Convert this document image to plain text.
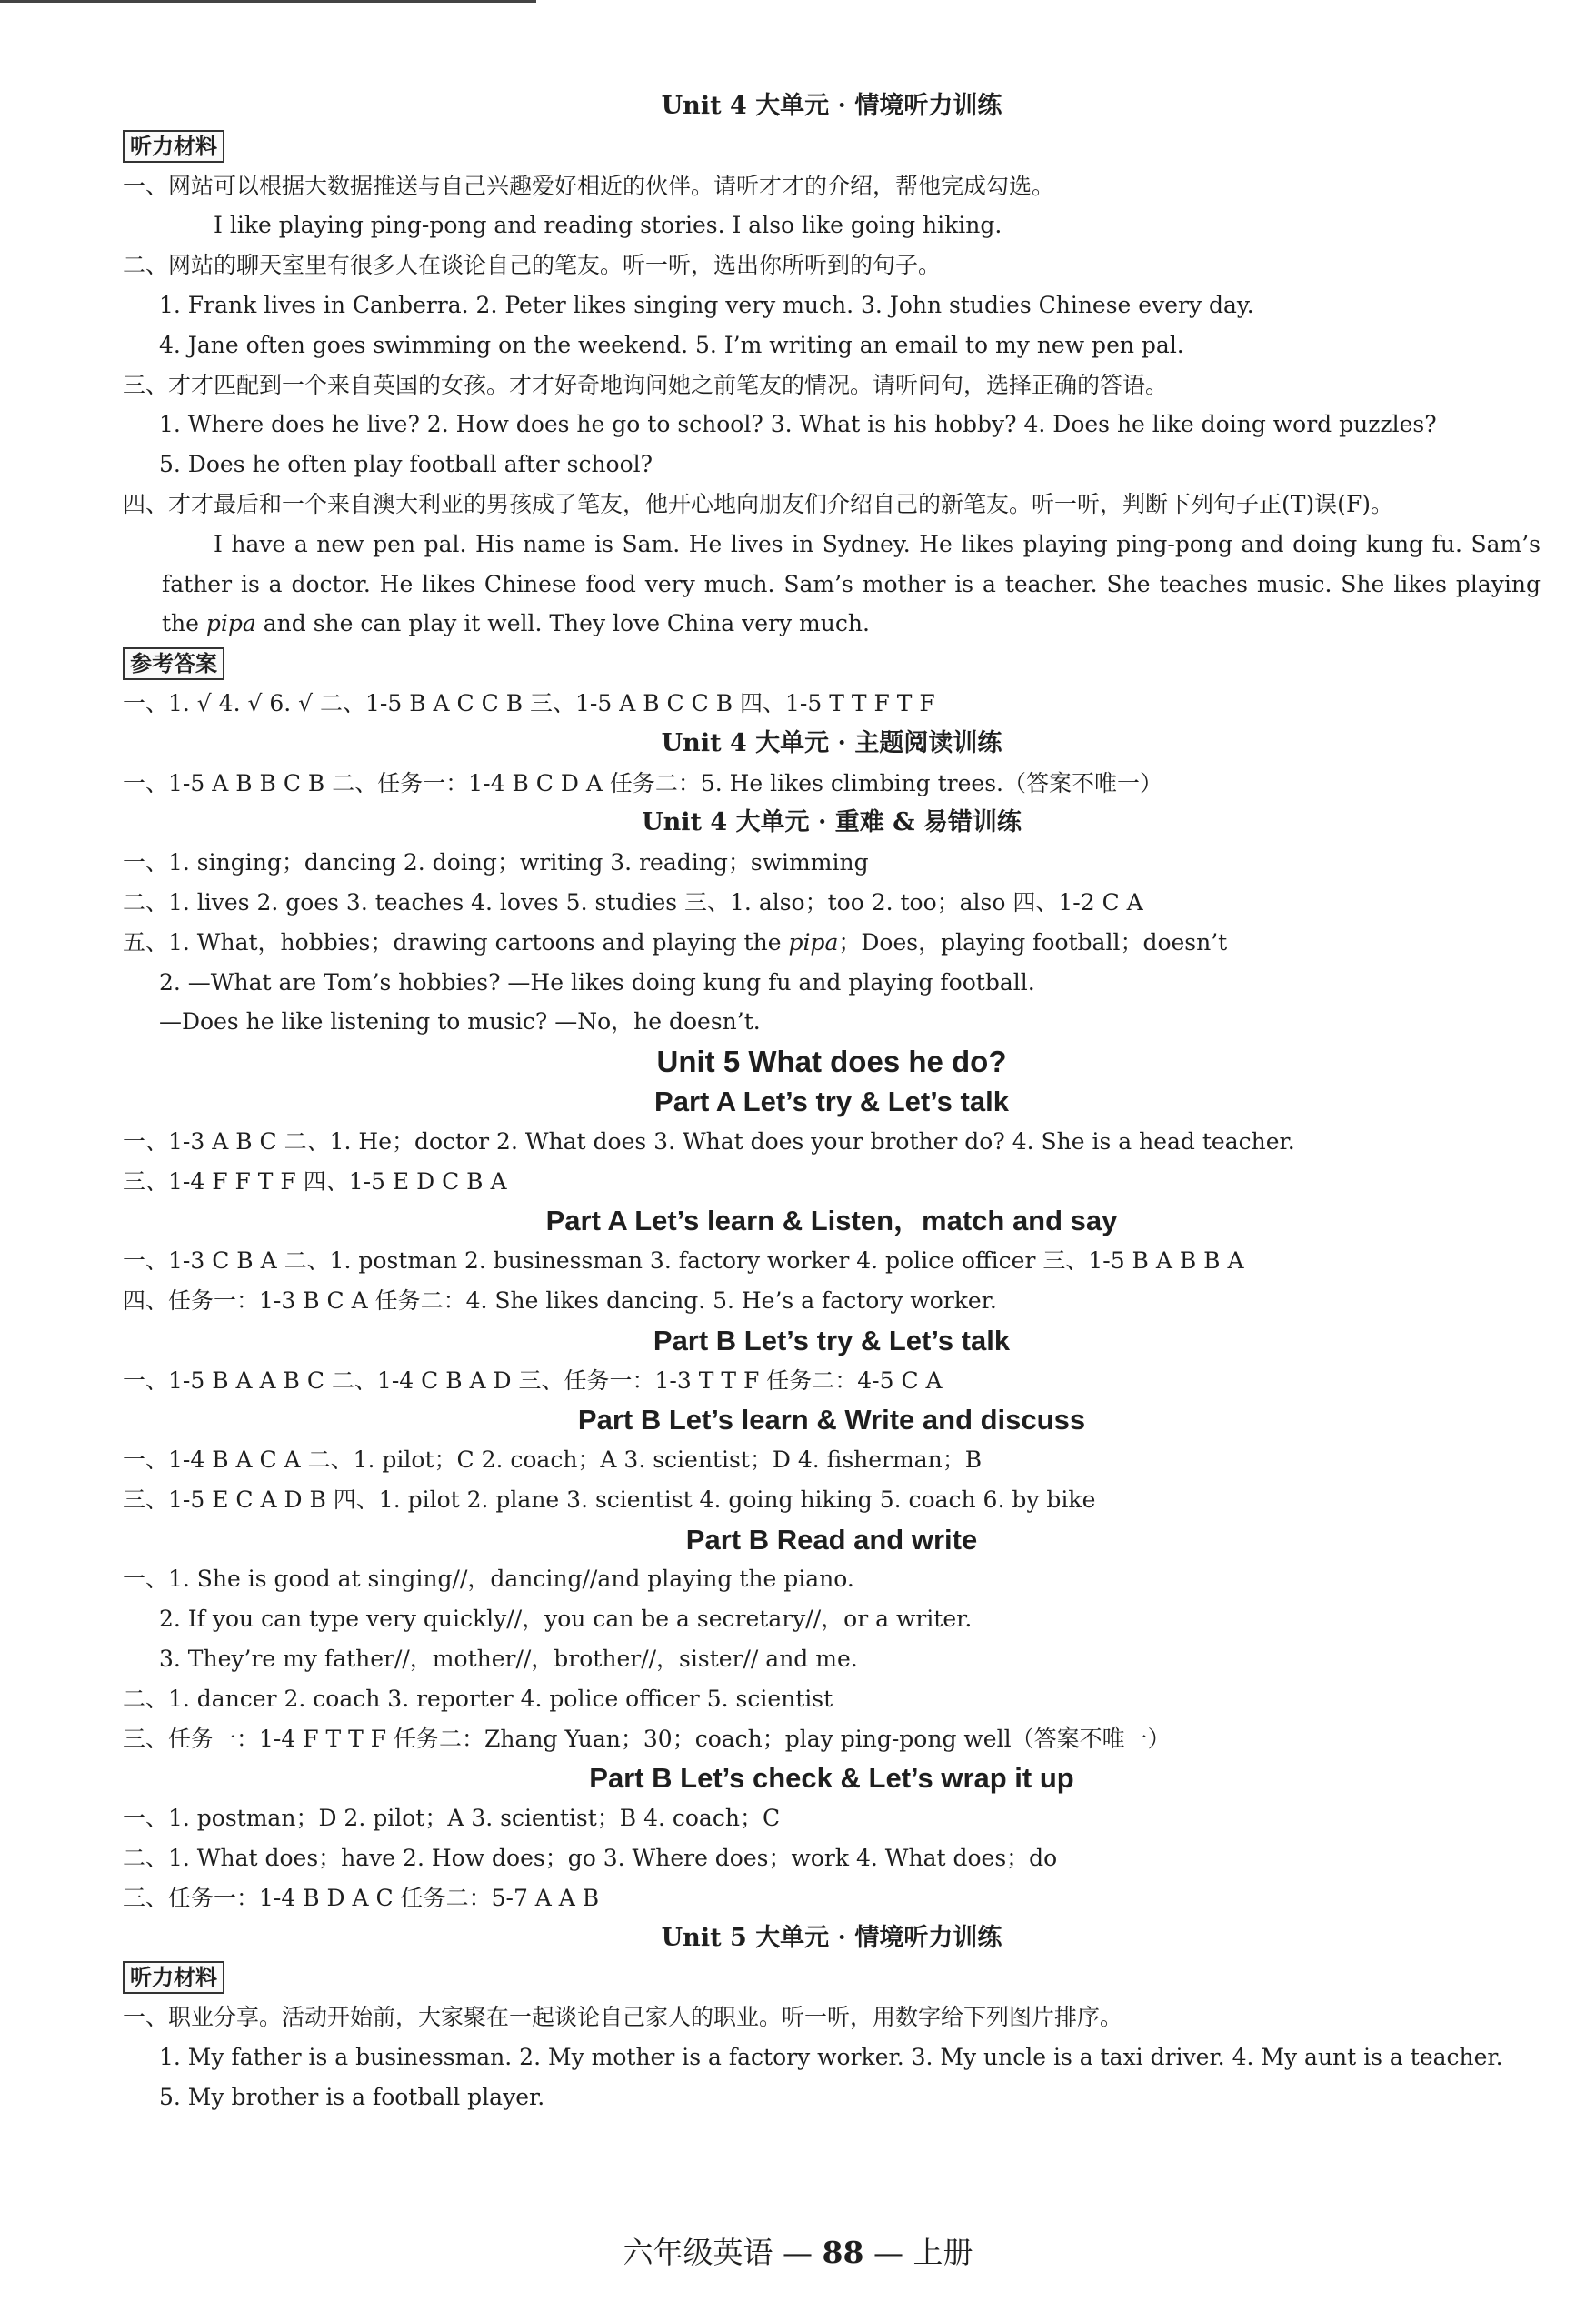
Unit 4 大单元 · 情境听力训练
听力材料
一、网站可以根据大数据推送与自己兴趣爱好相近的伙伴。请听才才的介绍，帮他完成勾选。
I like playing ping-pong and reading stories. I also like going hiking.
二、网站的聊天室里有很多人在谈论自己的笔友。听一听，选出你所听到的句子。
1. Frank lives in Canberra. 2. Peter likes singing very much. 3. John studies Chinese every day.
4. Jane often goes swimming on the weekend. 5. I’m writing an email to my new pen pal.
三、才才匹配到一个来自英国的女孩。才才好奇地询问她之前笔友的情况。请听问句，选择正确的答语。
1. Where does he live? 2. How does he go to school? 3. What is his hobby? 4. Does he like doing word puzzles?
5. Does he often play football after school?
四、才才最后和一个来自澳大利亚的男孩成了笔友，他开心地向朋友们介绍自己的新笔友。听一听，判断下列句子正(T)误(F)。
I have a new pen pal. His name is Sam. He lives in Sydney. He likes playing ping-pong and doing kung fu. Sam’s father is a doctor. He likes Chinese food very much. Sam’s mother is a teacher. She teaches music. She likes playing the pipa and she can play it well. They love China very much.
参考答案
一、1. √ 4. √ 6. √ 二、1-5 B A C C B 三、1-5 A B C C B 四、1-5 T T F T F
Unit 4 大单元 · 主题阅读训练
一、1-5 A B B C B 二、任务一：1-4 B C D A 任务二：5. He likes climbing trees.（答案不唯一）
Unit 4 大单元 · 重难 & 易错训练
一、1. singing；dancing 2. doing；writing 3. reading；swimming
二、1. lives 2. goes 3. teaches 4. loves 5. studies 三、1. also；too 2. too；also 四、1-2 C A
五、1. What，hobbies；drawing cartoons and playing the pipa；Does，playing football；doesn’t
2. —What are Tom’s hobbies? —He likes doing kung fu and playing football.
—Does he like listening to music? —No，he doesn’t.
Unit 5 What does he do?
Part A Let’s try & Let’s talk
一、1-3 A B C 二、1. He；doctor 2. What does 3. What does your brother do? 4. She is a head teacher.
三、1-4 F F T F 四、1-5 E D C B A
Part A Let’s learn & Listen，match and say
一、1-3 C B A 二、1. postman 2. businessman 3. factory worker 4. police officer 三、1-5 B A B B A
四、任务一：1-3 B C A 任务二：4. She likes dancing. 5. He’s a factory worker.
Part B Let’s try & Let’s talk
一、1-5 B A A B C 二、1-4 C B A D 三、任务一：1-3 T T F 任务二：4-5 C A
Part B Let’s learn & Write and discuss
一、1-4 B A C A 二、1. pilot；C 2. coach；A 3. scientist；D 4. fisherman；B
三、1-5 E C A D B 四、1. pilot 2. plane 3. scientist 4. going hiking 5. coach 6. by bike
Part B Read and write
一、1. She is good at singing//，dancing//and playing the piano.
2. If you can type very quickly//，you can be a secretary//，or a writer.
3. They’re my father//，mother//，brother//，sister// and me.
二、1. dancer 2. coach 3. reporter 4. police officer 5. scientist
三、任务一：1-4 F T T F 任务二：Zhang Yuan；30；coach；play ping-pong well（答案不唯一）
Part B Let’s check & Let’s wrap it up
一、1. postman；D 2. pilot；A 3. scientist；B 4. coach；C
二、1. What does；have 2. How does；go 3. Where does；work 4. What does；do
三、任务一：1-4 B D A C 任务二：5-7 A A B
Unit 5 大单元 · 情境听力训练
听力材料
一、职业分享。活动开始前，大家聚在一起谈论自己家人的职业。听一听，用数字给下列图片排序。
1. My father is a businessman. 2. My mother is a factory worker. 3. My uncle is a taxi driver. 4. My aunt is a teacher.
5. My brother is a football player.
六年级英语 — 88 — 上册
